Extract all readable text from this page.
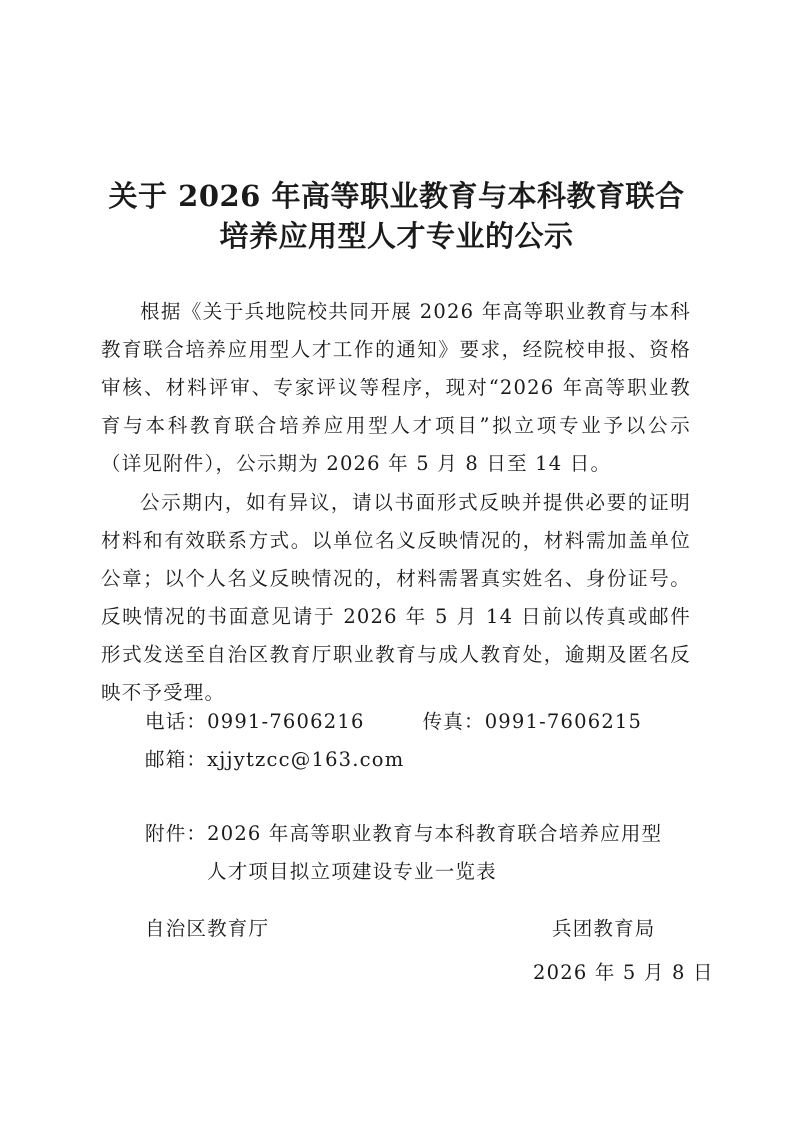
关于 2026 年高等职业教育与本科教育联合
培养应用型人才专业的公示
根据《关于兵地院校共同开展 2026 年高等职业教育与本科教育联合培养应用型人才工作的通知》要求，经院校申报、资格审核、材料评审、专家评议等程序，现对“2026 年高等职业教育与本科教育联合培养应用型人才项目”拟立项专业予以公示（详见附件），公示期为 2026 年 5 月 8 日至 14 日。
公示期内，如有异议，请以书面形式反映并提供必要的证明材料和有效联系方式。以单位名义反映情况的，材料需加盖单位公章；以个人名义反映情况的，材料需署真实姓名、身份证号。反映情况的书面意见请于 2026 年 5 月 14 日前以传真或邮件形式发送至自治区教育厅职业教育与成人教育处，逾期及匿名反映不予受理。
电话：0991-7606216	传真：0991-7606215
邮箱：xjjytzcc@163.com
附件：2026 年高等职业教育与本科教育联合培养应用型
人才项目拟立项建设专业一览表
自治区教育厅	兵团教育局
2026 年 5 月 8 日
